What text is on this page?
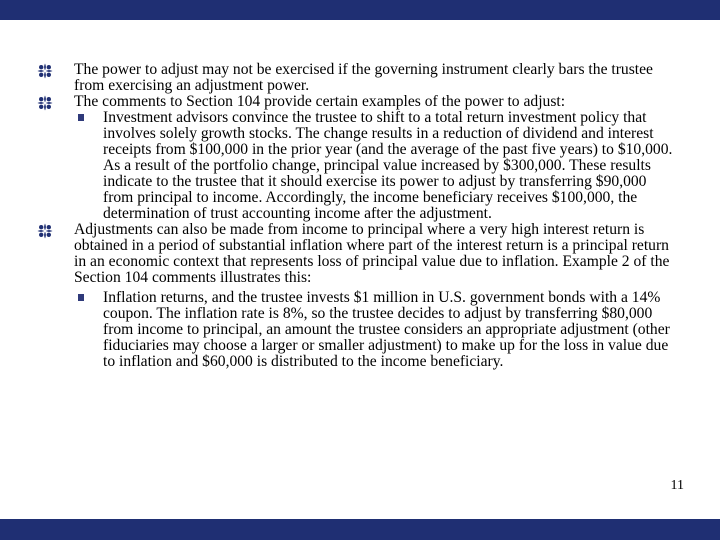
The power to adjust may not be exercised if the governing instrument clearly bars the trustee from exercising an adjustment power.
The comments to Section 104 provide certain examples of the power to adjust:
Investment advisors convince the trustee to shift to a total return investment policy that involves solely growth stocks. The change results in a reduction of dividend and interest receipts from $100,000 in the prior year (and the average of the past five years) to $10,000. As a result of the portfolio change, principal value increased by $300,000. These results indicate to the trustee that it should exercise its power to adjust by transferring $90,000 from principal to income. Accordingly, the income beneficiary receives $100,000, the determination of trust accounting income after the adjustment.
Adjustments can also be made from income to principal where a very high interest return is obtained in a period of substantial inflation where part of the interest return is a principal return in an economic context that represents loss of principal value due to inflation. Example 2 of the Section 104 comments illustrates this:
Inflation returns, and the trustee invests $1 million in U.S. government bonds with a 14% coupon. The inflation rate is 8%, so the trustee decides to adjust by transferring $80,000 from income to principal, an amount the trustee considers an appropriate adjustment (other fiduciaries may choose a larger or smaller adjustment) to make up for the loss in value due to inflation and $60,000 is distributed to the income beneficiary.
11
